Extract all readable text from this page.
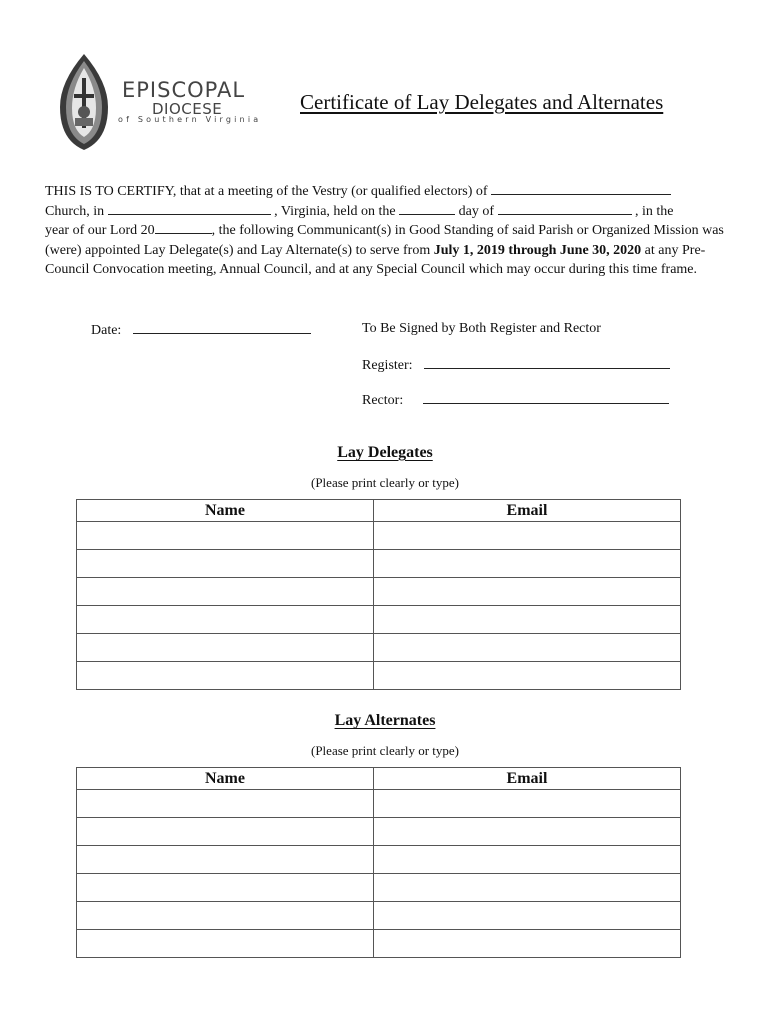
EPISCOPAL
DIOCESE
of Southern Virginia
Certificate of Lay Delegates and Alternates

THIS IS TO CERTIFY, that at a meeting of the Vestry (or qualified electors) of
Church, in	, Virginia, held on the	day of	, in the
year of our Lord 20	, the following Communicant(s) in Good Standing of said Parish or Organized Mission was (were) appointed Lay Delegate(s) and Lay Alternate(s) to serve from July 1, 2019 through June 30, 2020 at any Pre-Council Convocation meeting, Annual Council, and at any Special Council which may occur during this time frame.

Date:	To Be Signed by Both Register and Rector
Register:
Rector:
Lay Delegates
(Please print clearly or type)
Name	Email

Lay Alternates
(Please print clearly or type)
Name	Email
